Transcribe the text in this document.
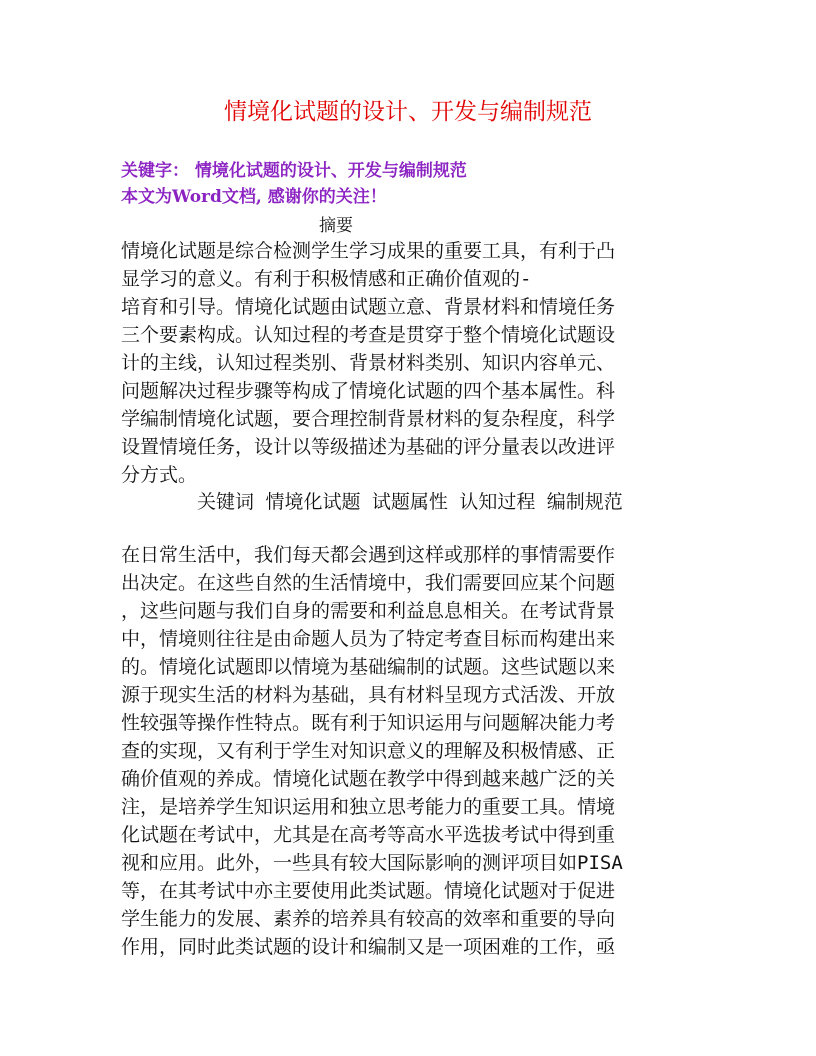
情境化试题的设计、开发与编制规范
关键字： 情境化试题的设计、开发与编制规范
本文为Word文档, 感谢你的关注！
摘要
情境化试题是综合检测学生学习成果的重要工具，有利于凸
显学习的意义。有利于积极情感和正确价值观的-
培育和引导。情境化试题由试题立意、背景材料和情境任务
三个要素构成。认知过程的考查是贯穿于整个情境化试题设
计的主线，认知过程类别、背景材料类别、知识内容单元、
问题解决过程步骤等构成了情境化试题的四个基本属性。科
学编制情境化试题，要合理控制背景材料的复杂程度，科学
设置情境任务，设计以等级描述为基础的评分量表以改进评
分方式。
关键词 情境化试题 试题属性 认知过程 编制规范
在日常生活中，我们每天都会遇到这样或那样的事情需要作
出决定。在这些自然的生活情境中，我们需要回应某个问题
，这些问题与我们自身的需要和利益息息相关。在考试背景
中，情境则往往是由命题人员为了特定考查目标而构建出来
的。情境化试题即以情境为基础编制的试题。这些试题以来
源于现实生活的材料为基础，具有材料呈现方式活泼、开放
性较强等操作性特点。既有利于知识运用与问题解决能力考
查的实现，又有利于学生对知识意义的理解及积极情感、正
确价值观的养成。情境化试题在教学中得到越来越广泛的关
注，是培养学生知识运用和独立思考能力的重要工具。情境
化试题在考试中，尤其是在高考等高水平选拔考试中得到重
视和应用。此外，一些具有较大国际影响的测评项目如PISA
等，在其考试中亦主要使用此类试题。情境化试题对于促进
学生能力的发展、素养的培养具有较高的效率和重要的导向
作用，同时此类试题的设计和编制又是一项困难的工作，亟
